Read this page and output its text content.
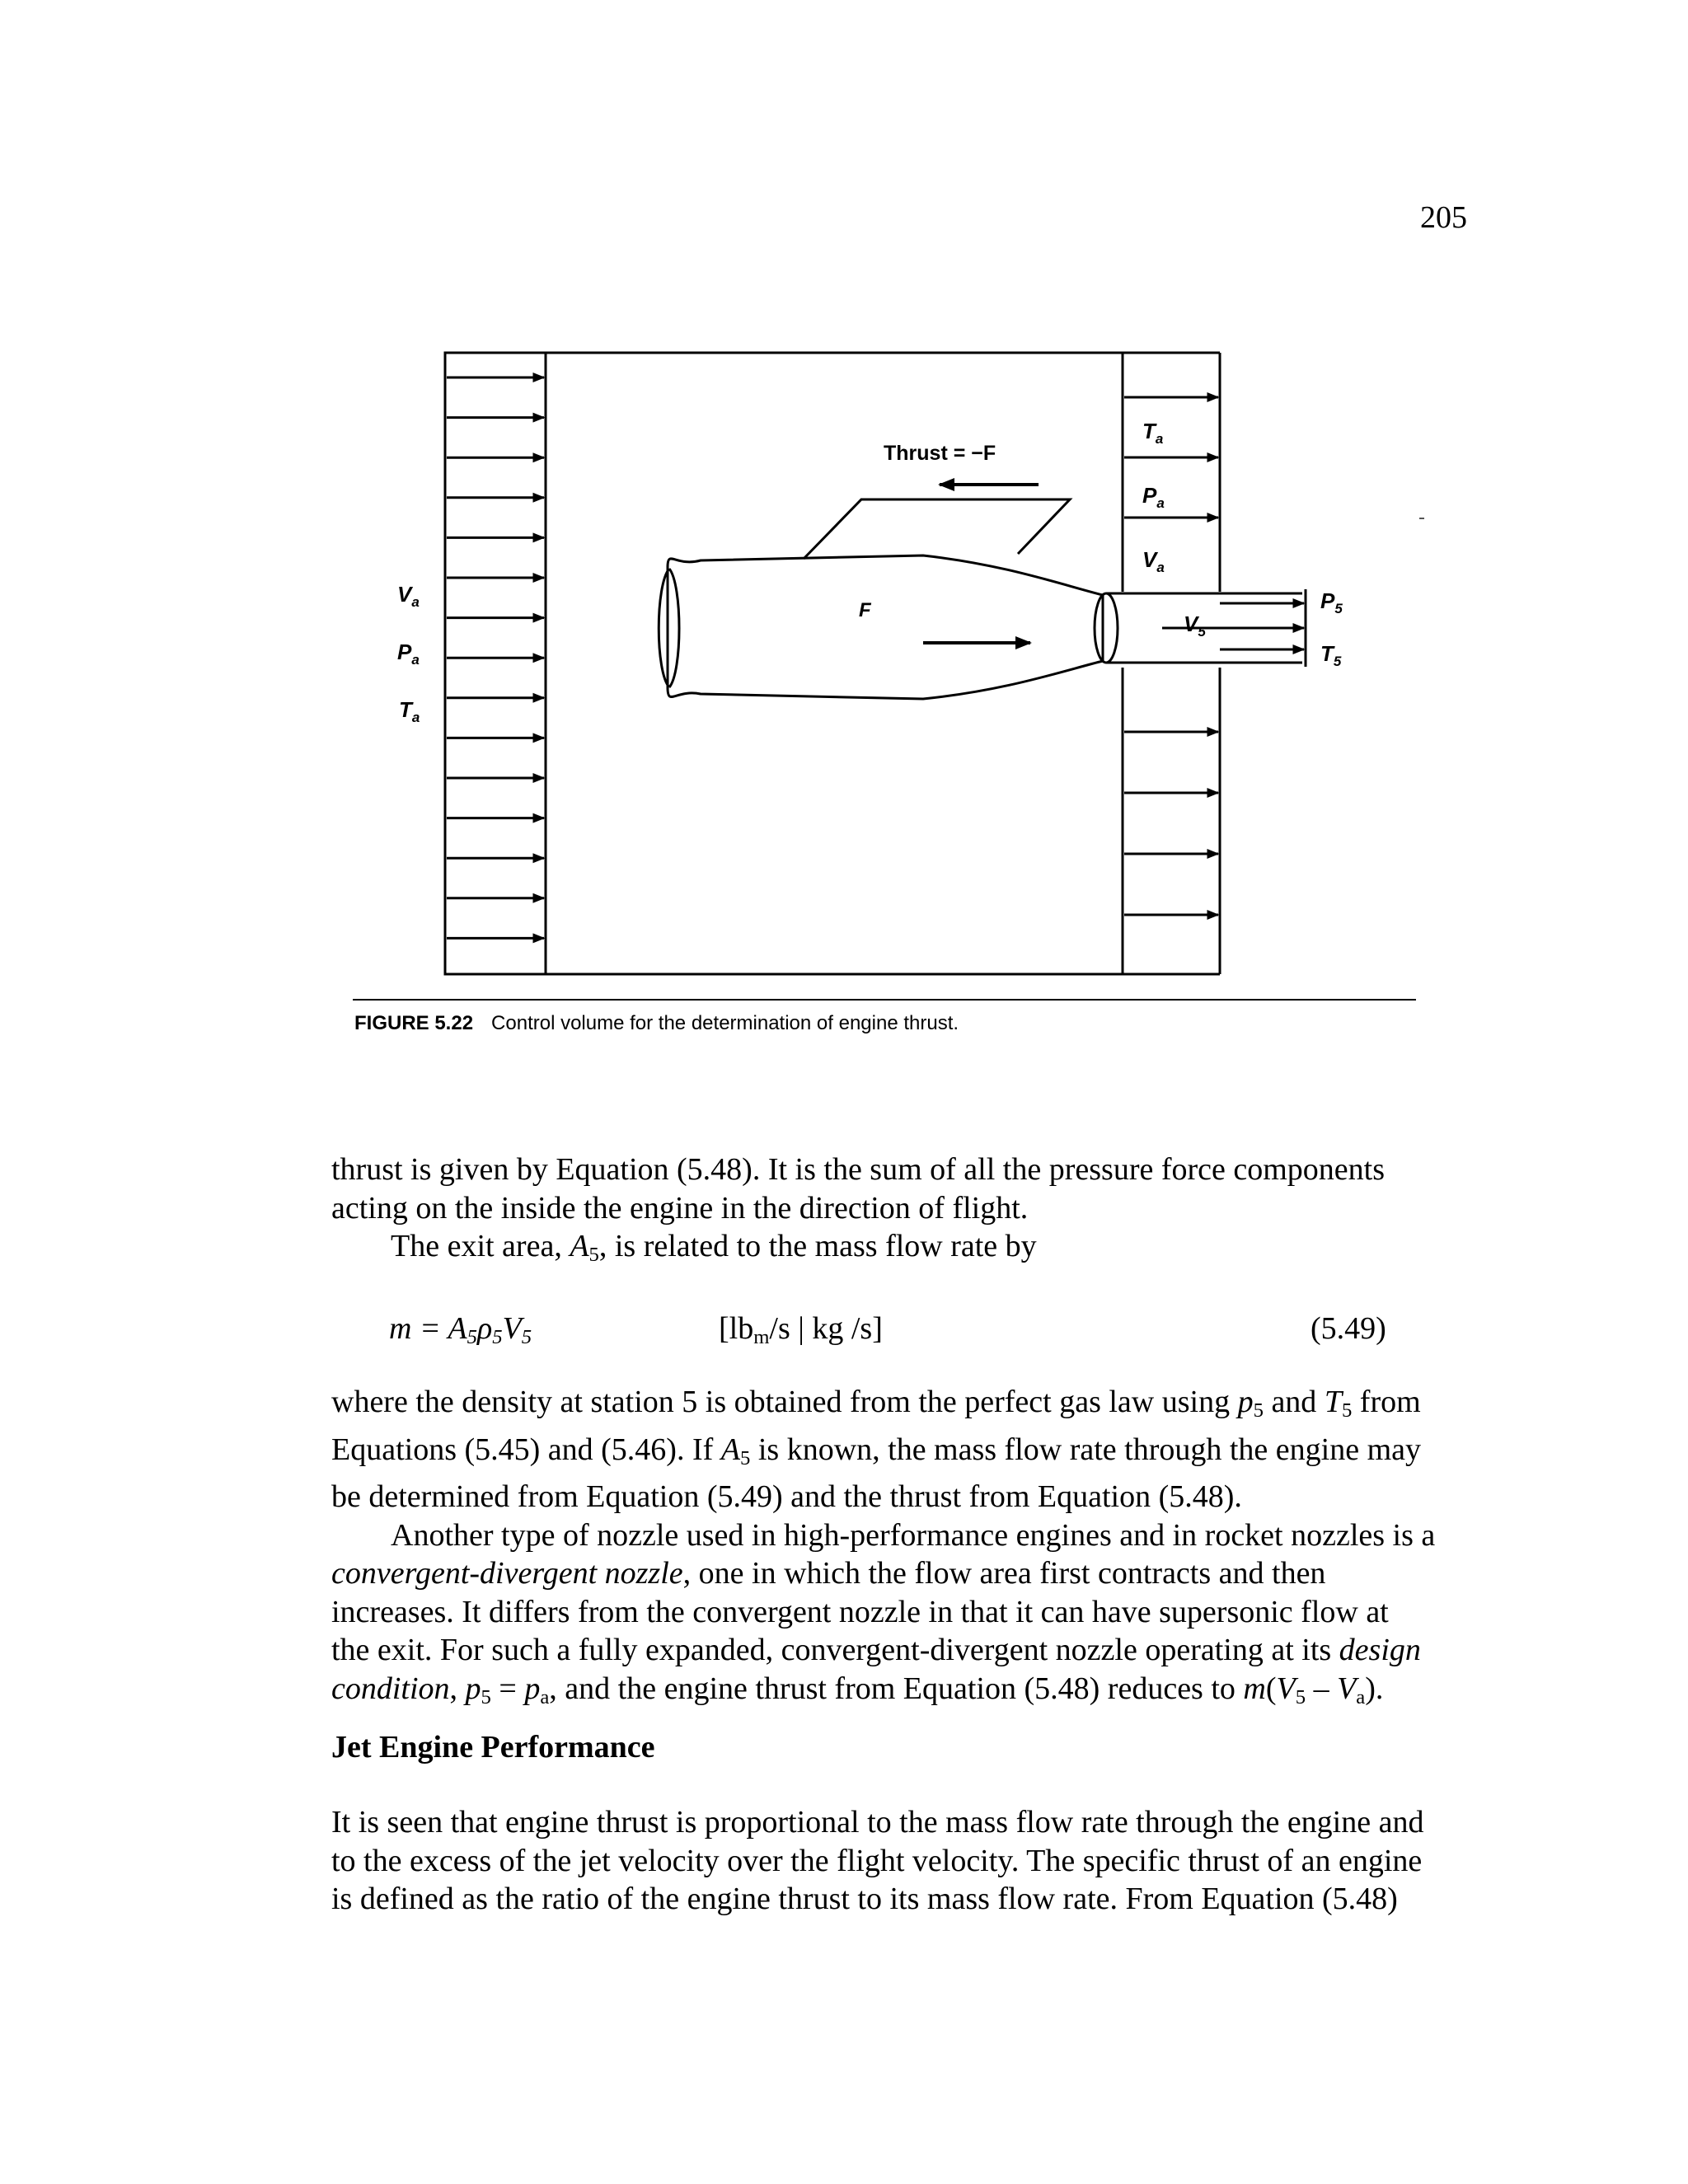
205
Thrust = −F
F
$V_a$
$P_a$
$T_a$
$T_a$
$P_a$
$V_a$
$V_5$
$P_5$
$T_5$
FIGURE 5.22 Control volume for the determination of engine thrust.

thrust is given by Equation (5.48). It is the sum of all the pressure force components

acting on the inside the engine in the direction of flight.

The exit area, $A_5$, is related to the mass flow rate by

$m = A_5\rho_5V_5$	[$lb_m/s$ | kg /s]	(5.49)

where the density at station 5 is obtained from the perfect gas law using $p_5$ and $T_5$ from

Equations (5.45) and (5.46). If $A_5$ is known, the mass flow rate through the engine may

be determined from Equation (5.49) and the thrust from Equation (5.48).

Another type of nozzle used in high-performance engines and in rocket nozzles is a

convergent-divergent nozzle, one in which the flow area first contracts and then

increases. It differs from the convergent nozzle in that it can have supersonic flow at

the exit. For such a fully expanded, convergent-divergent nozzle operating at its design

condition, $p_5 = p_a$, and the engine thrust from Equation (5.48) reduces to $m(V_5 - V_a)$.

Jet Engine Performance

It is seen that engine thrust is proportional to the mass flow rate through the engine and

to the excess of the jet velocity over the flight velocity. The specific thrust of an engine

is defined as the ratio of the engine thrust to its mass flow rate. From Equation (5.48)
